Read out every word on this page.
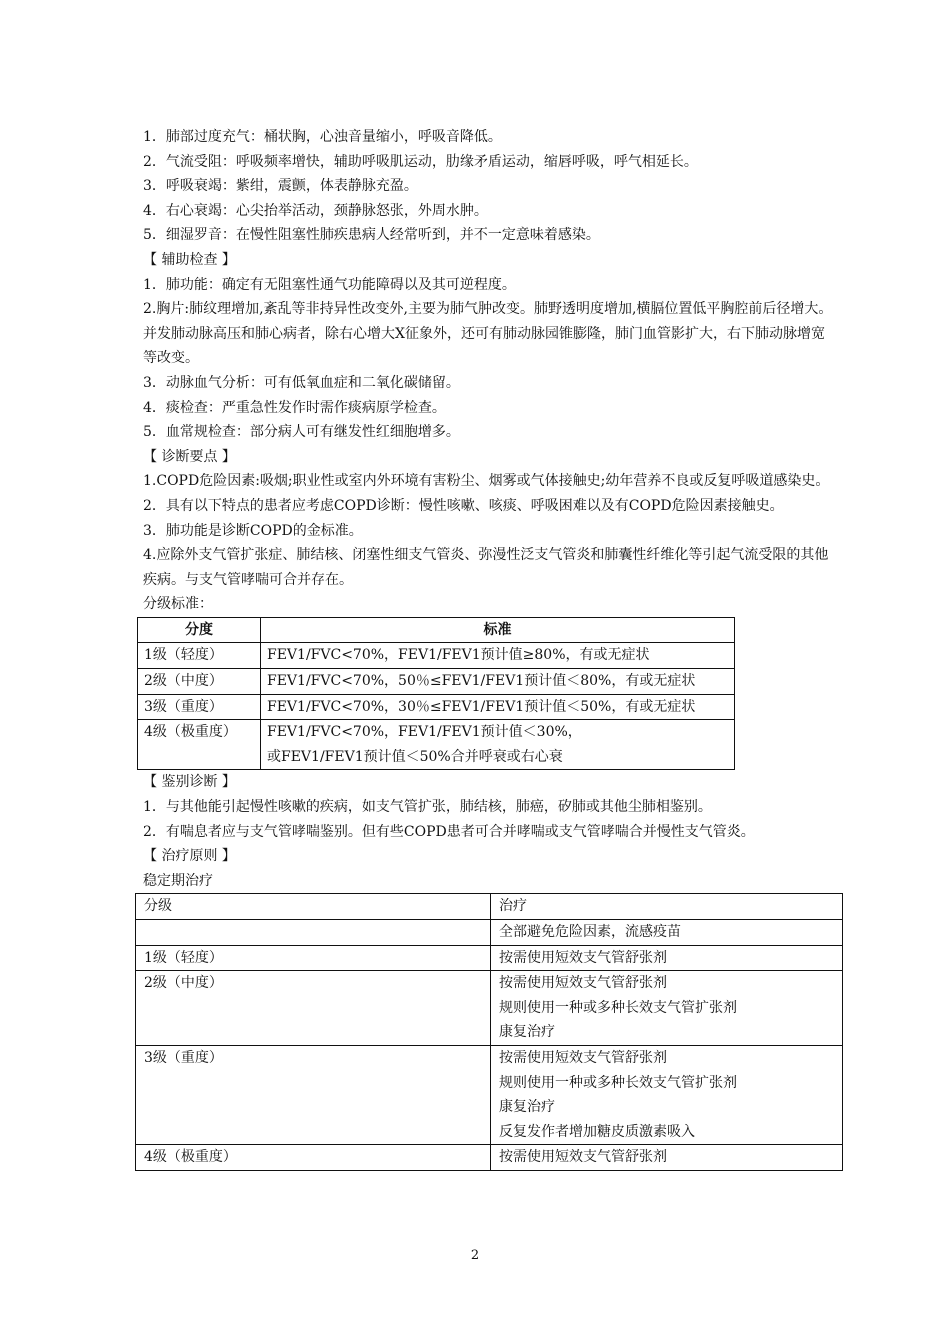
1．肺部过度充气：桶状胸，心浊音量缩小，呼吸音降低。
2．气流受阻：呼吸频率增快，辅助呼吸肌运动，肋缘矛盾运动，缩唇呼吸，呼气相延长。
3．呼吸衰竭：紫绀，震颤，体表静脉充盈。
4．右心衰竭：心尖抬举活动，颈静脉怒张，外周水肿。
5．细湿罗音：在慢性阻塞性肺疾患病人经常听到，并不一定意味着感染。
【 辅助检查 】
1．肺功能：确定有无阻塞性通气功能障碍以及其可逆程度。
2.胸片:肺纹理增加,紊乱等非持异性改变外,主要为肺气肿改变。肺野透明度增加,横膈位置低平胸腔前后径增大。并发肺动脉高压和肺心病者，除右心增大X征象外，还可有肺动脉园锥膨隆，肺门血管影扩大，右下肺动脉增宽等改变。
3．动脉血气分析：可有低氧血症和二氧化碳储留。
4．痰检查：严重急性发作时需作痰病原学检查。
5．血常规检查：部分病人可有继发性红细胞增多。
【 诊断要点 】
1.COPD危险因素:吸烟;职业性或室内外环境有害粉尘、烟雾或气体接触史;幼年营养不良或反复呼吸道感染史。
2．具有以下特点的患者应考虑COPD诊断：慢性咳嗽、咳痰、呼吸困难以及有COPD危险因素接触史。
3．肺功能是诊断COPD的金标准。
4.应除外支气管扩张症、肺结核、闭塞性细支气管炎、弥漫性泛支气管炎和肺囊性纤维化等引起气流受限的其他疾病。与支气管哮喘可合并存在。
分级标准：
分度	标准
1级（轻度）	FEV1/FVC<70%，FEV1/FEV1预计值≥80%，有或无症状

2级（中度）	FEV1/FVC<70%，50％≤FEV1/FEV1预计值＜80%，有或无症状

3级（重度）	FEV1/FVC<70%，30％≤FEV1/FEV1预计值＜50%，有或无症状

4级（极重度）	FEV1/FVC<70%，FEV1/FEV1预计值＜30%，
或FEV1/FEV1预计值＜50%合并呼衰或右心衰
【 鉴别诊断 】
1．与其他能引起慢性咳嗽的疾病，如支气管扩张，肺结核，肺癌，矽肺或其他尘肺相鉴别。
2．有喘息者应与支气管哮喘鉴别。但有些COPD患者可合并哮喘或支气管哮喘合并慢性支气管炎。
【 治疗原则 】
稳定期治疗
分级	治疗

	全部避免危险因素，流感疫苗

1级（轻度）	按需使用短效支气管舒张剂

2级（中度）	按需使用短效支气管舒张剂
规则使用一种或多种长效支气管扩张剂
康复治疗

3级（重度）	按需使用短效支气管舒张剂
规则使用一种或多种长效支气管扩张剂
康复治疗
反复发作者增加糖皮质激素吸入

4级（极重度）	按需使用短效支气管舒张剂
2
